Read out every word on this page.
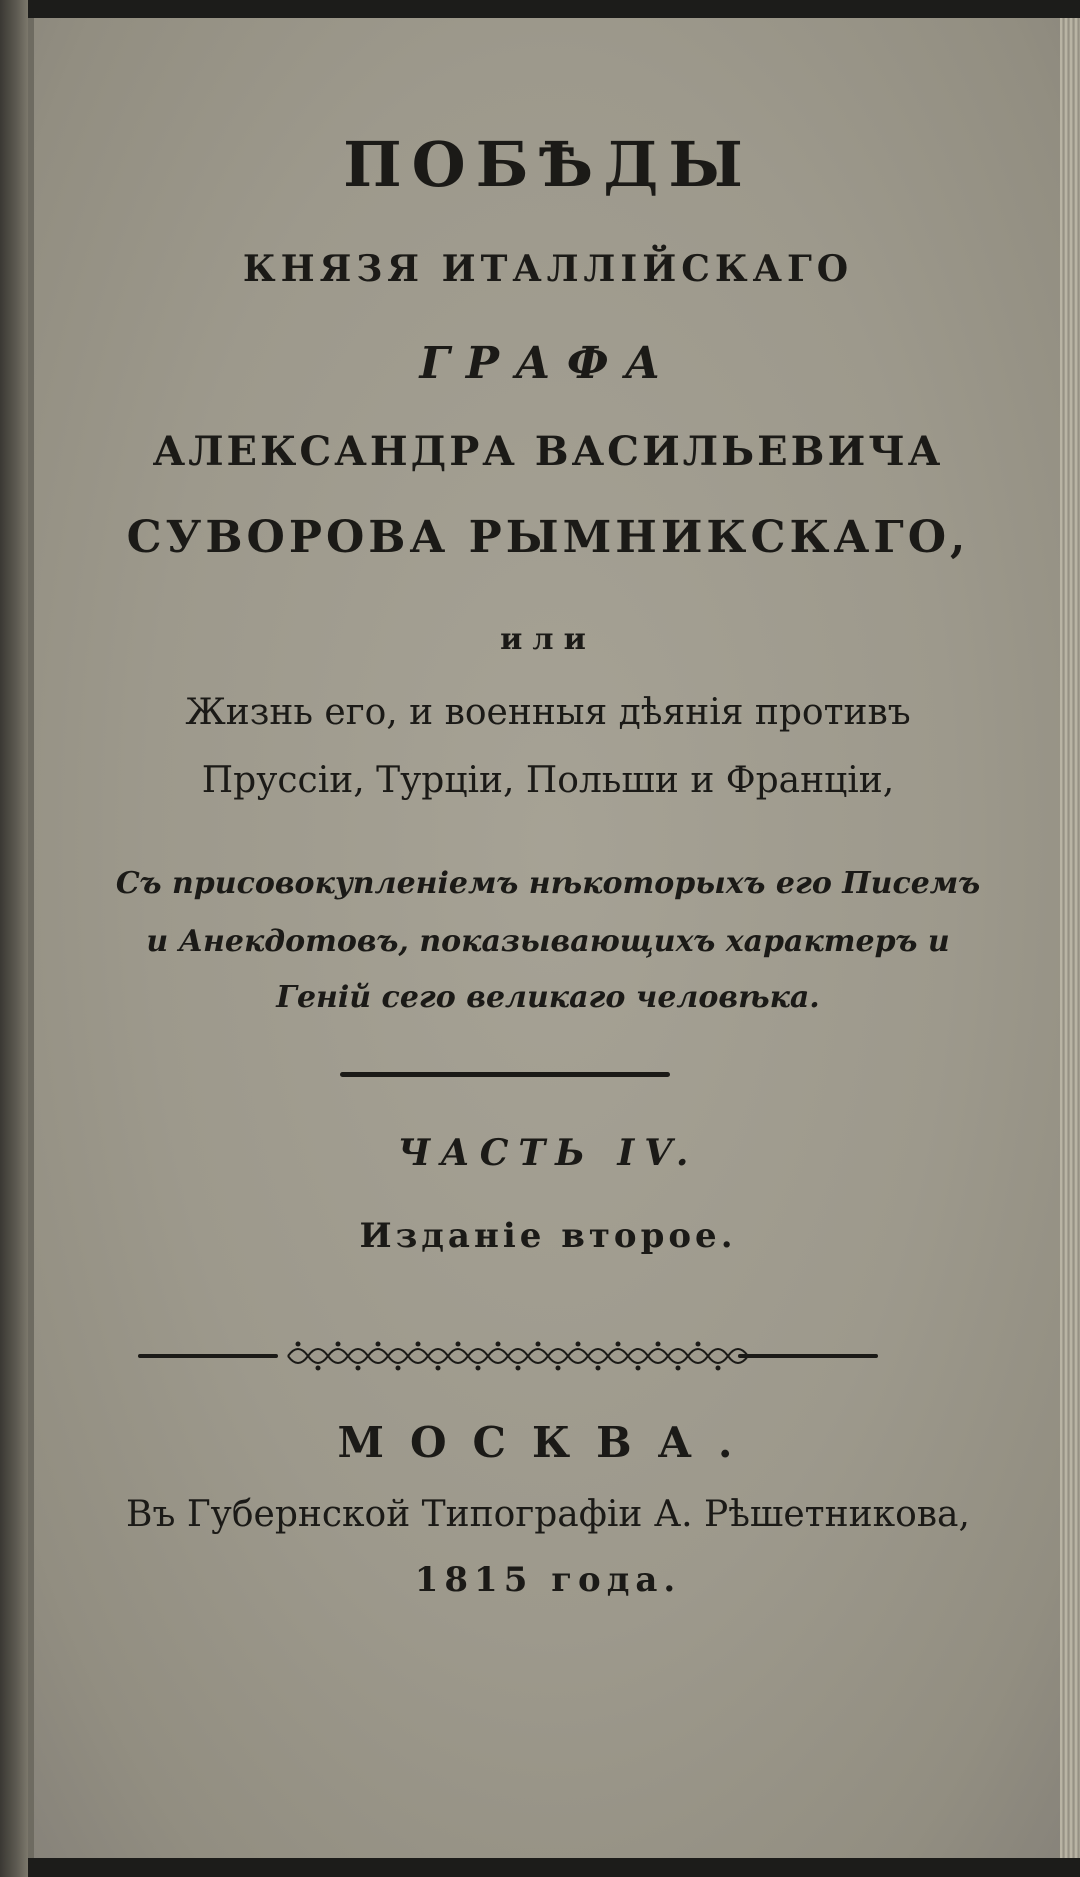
ПОБѢДЫ
КНЯЗЯ ИТАЛЛІЙСКАГО
ГРАФА
АЛЕКСАНДРА ВАСИЛЬЕВИЧА
СУВОРОВА РЫМНИКСКАГО,
или
Жизнь его, и военныя дѣянія противъ
Пруссіи, Турціи, Польши и Франціи,
Съ присовокупленіемъ нѣкоторыхъ его Писемъ
и Анекдотовъ, показывающихъ характеръ и
Геній сего великаго человѣка.
ЧАСТЬ IV.
Изданіе второе.
МОСКВА.
Въ Губернской Типографіи А. Рѣшетникова,
1815 года.
